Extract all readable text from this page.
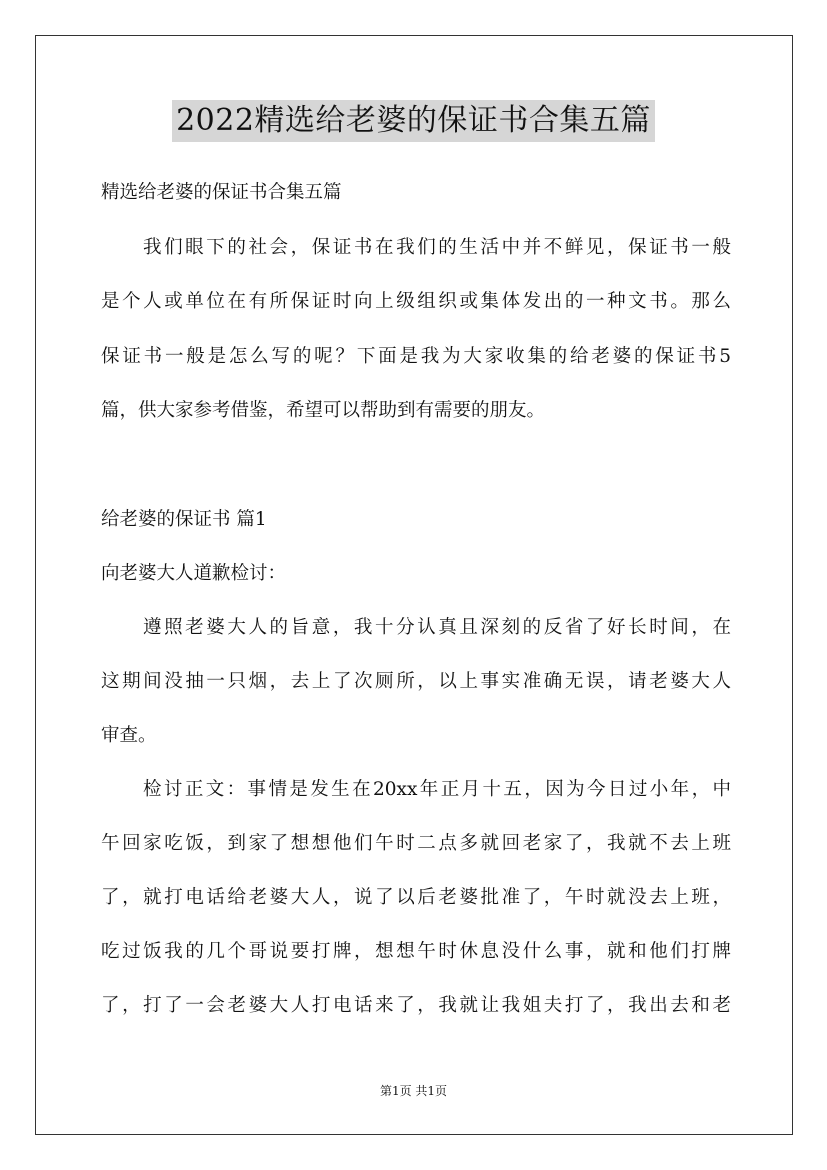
2022精选给老婆的保证书合集五篇
精选给老婆的保证书合集五篇
我们眼下的社会，保证书在我们的生活中并不鲜见，保证书一般
是个人或单位在有所保证时向上级组织或集体发出的一种文书。那么
保证书一般是怎么写的呢？下面是我为大家收集的给老婆的保证书5
篇，供大家参考借鉴，希望可以帮助到有需要的朋友。
给老婆的保证书 篇1
向老婆大人道歉检讨：
遵照老婆大人的旨意，我十分认真且深刻的反省了好长时间，在
这期间没抽一只烟，去上了次厕所，以上事实准确无误，请老婆大人
审查。
检讨正文：事情是发生在20xx年正月十五，因为今日过小年，中
午回家吃饭，到家了想想他们午时二点多就回老家了，我就不去上班
了，就打电话给老婆大人，说了以后老婆批准了，午时就没去上班，
吃过饭我的几个哥说要打牌，想想午时休息没什么事，就和他们打牌
了，打了一会老婆大人打电话来了，我就让我姐夫打了，我出去和老
第1页 共1页
